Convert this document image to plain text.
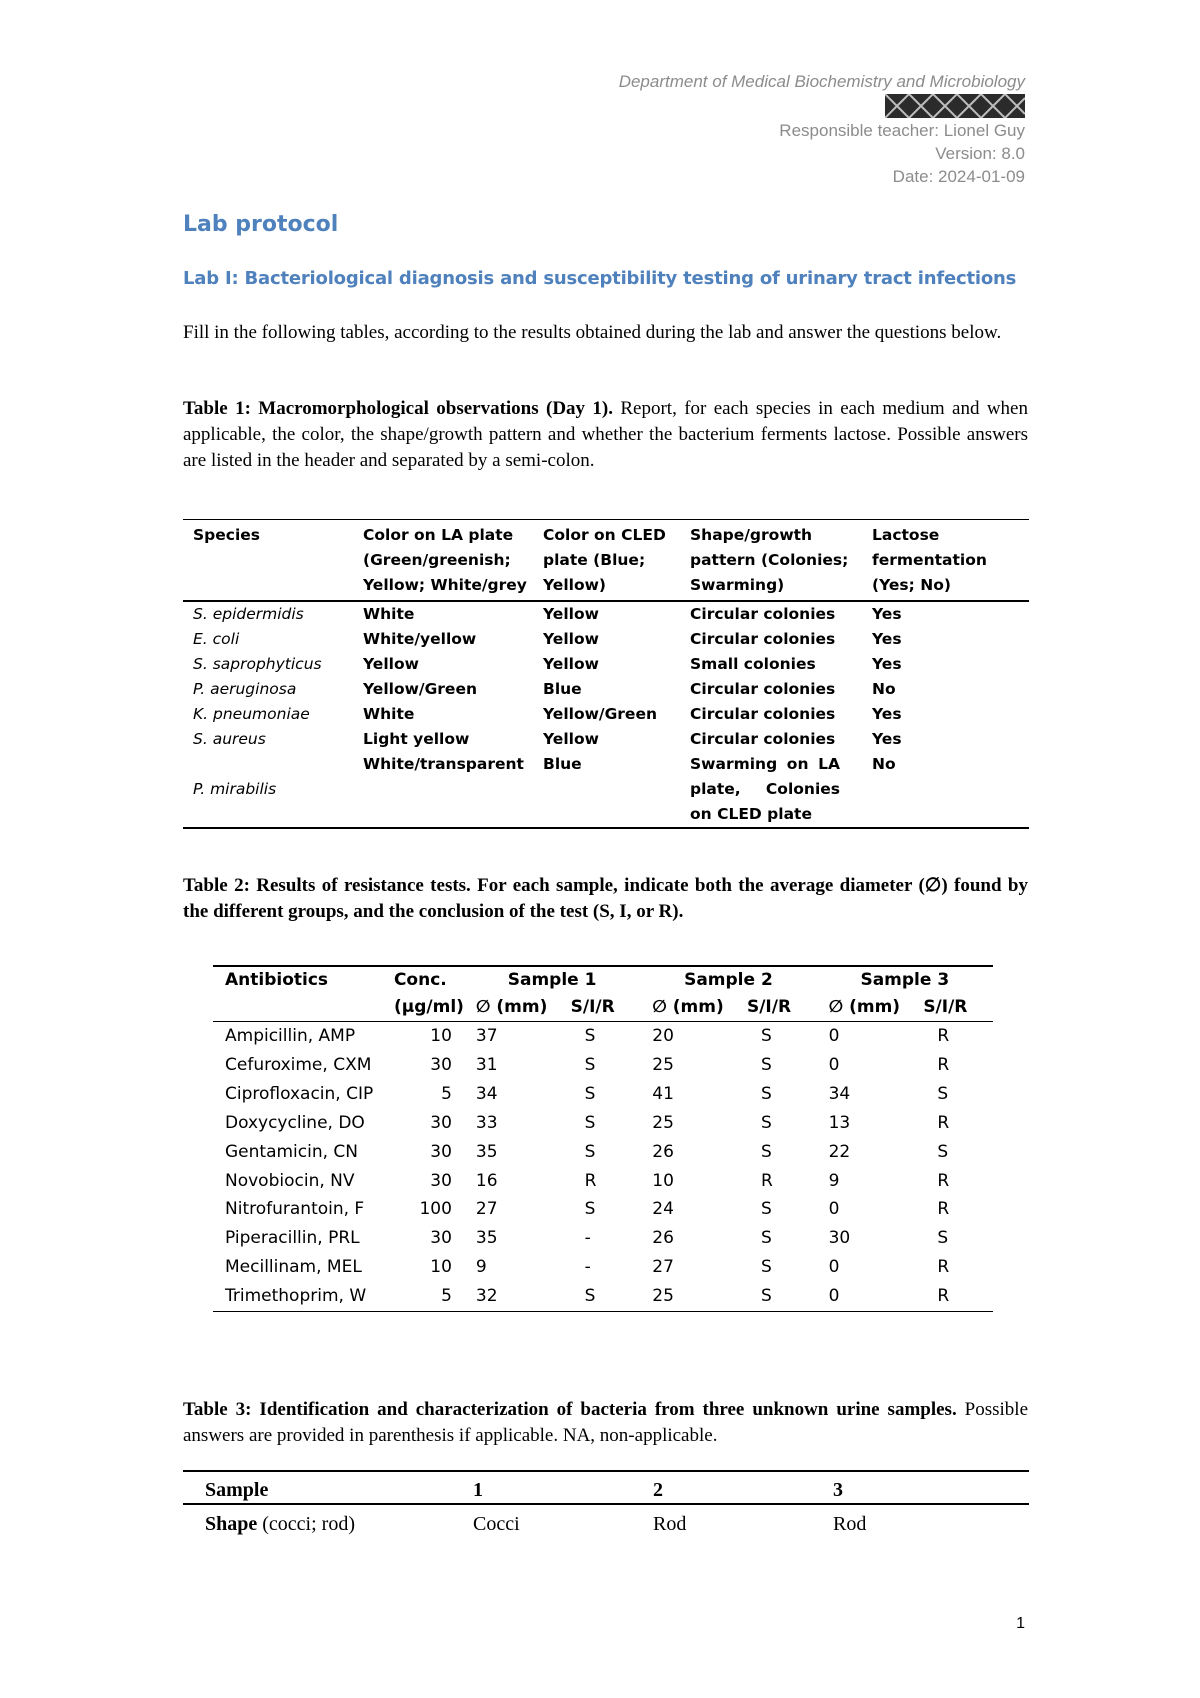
Department of Medical Biochemistry and Microbiology
Responsible teacher: Lionel Guy
Version: 8.0
Date: 2024-01-09
Lab protocol
Lab I: Bacteriological diagnosis and susceptibility testing of urinary tract infections
Fill in the following tables, according to the results obtained during the lab and answer the questions below.
Table 1: Macromorphological observations (Day 1). Report, for each species in each medium and when applicable, the color, the shape/growth pattern and whether the bacterium ferments lactose. Possible answers are listed in the header and separated by a semi-colon.
Species	Color on LA plate (Green/greenish; Yellow; White/grey	Color on CLED plate (Blue; Yellow)	Shape/growth pattern (Colonies; Swarming)	Lactose fermentation (Yes; No)
S. epidermidis	White	Yellow	Circular colonies	Yes
E. coli	White/yellow	Yellow	Circular colonies	Yes
S. saprophyticus	Yellow	Yellow	Small colonies	Yes
P. aeruginosa	Yellow/Green	Blue	Circular colonies	No
K. pneumoniae	White	Yellow/Green	Circular colonies	Yes
S. aureus	Light yellow	Yellow	Circular colonies	Yes
P. mirabilis	White/transparent	Blue	Swarming on LA plate, Colonies on CLED plate	No
Table 2: Results of resistance tests. For each sample, indicate both the average diameter (∅) found by the different groups, and the conclusion of the test (S, I, or R).
Antibiotics	Conc.	Sample 1		Sample 2		Sample 3	
	(µg/ml)	∅ (mm)	S/I/R	∅ (mm)	S/I/R	∅ (mm)	S/I/R
Ampicillin, AMP	10	37	S	20	S	0	R
Cefuroxime, CXM	30	31	S	25	S	0	R
Ciprofloxacin, CIP	5	34	S	41	S	34	S
Doxycycline, DO	30	33	S	25	S	13	R
Gentamicin, CN	30	35	S	26	S	22	S
Novobiocin, NV	30	16	R	10	R	9	R
Nitrofurantoin, F	100	27	S	24	S	0	R
Piperacillin, PRL	30	35	-	26	S	30	S
Mecillinam, MEL	10	9	-	27	S	0	R
Trimethoprim, W	5	32	S	25	S	0	R
Table 3: Identification and characterization of bacteria from three unknown urine samples. Possible answers are provided in parenthesis if applicable. NA, non-applicable.
Sample	1	2	3
Shape (cocci; rod)	Cocci	Rod	Rod
1
